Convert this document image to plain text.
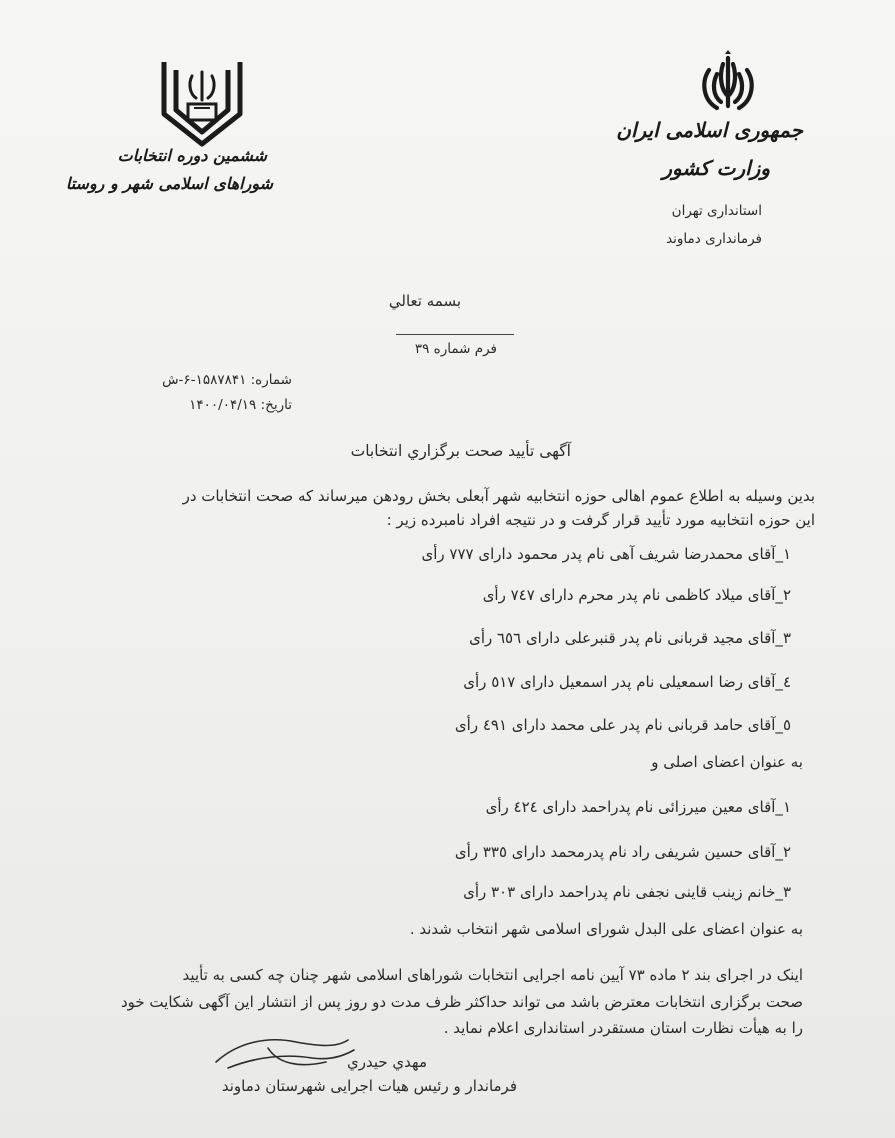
جمهوری اسلامی ایران
وزارت کشور
استانداری تهران
فرمانداری دماوند
ششمین دوره انتخابات
شوراهای اسلامی شهر و روستا
بسمه تعالي
فرم شماره ۳۹
شماره: ۱۵۸۷۸۴۱-۶-ش
تاریخ: ۱۴۰۰/۰۴/۱۹
آگهی تأیید صحت برگزاري انتخابات
بدین وسیله به اطلاع عموم اهالی حوزه انتخابیه شهر آبعلی بخش رودهن میرساند که صحت انتخابات در
این حوزه انتخابیه مورد تأیید قرار گرفت و در نتیجه افراد نامبرده زیر :
۱_آقای محمدرضا شریف آهی نام پدر محمود دارای ۷۷۷ رأی
۲_آقای میلاد کاظمی نام پدر محرم دارای ۷٤۷ رأی
۳_آقای مجید قربانی نام پدر قنبرعلی دارای ٦٥٦ رأی
٤_آقای رضا اسمعیلی نام پدر اسمعیل دارای ٥۱۷ رأی
٥_آقای حامد قربانی نام پدر علی محمد دارای ٤۹۱ رأی
به عنوان اعضای اصلی و
۱_آقای معین میرزائی نام پدراحمد دارای ٤۲٤ رأی
۲_آقای حسین شریفی راد نام پدرمحمد دارای ۳۳٥ رأی
۳_خانم زینب قاینی نجفی نام پدراحمد دارای ۳۰۳ رأی
به عنوان اعضای علی البدل شورای اسلامی شهر انتخاب شدند .
اینک در اجرای بند ۲ ماده ۷۳ آیین نامه اجرایی انتخابات شوراهای اسلامی شهر چنان چه کسی به تأیید
صحت برگزاری انتخابات معترض باشد می تواند حداکثر ظرف مدت دو روز پس از انتشار این آگهی شکایت خود
را به هیأت نظارت استان مستقردر استانداری اعلام نماید .
مهدي حيدري
فرماندار و رئیس هیات اجرایی شهرستان دماوند
